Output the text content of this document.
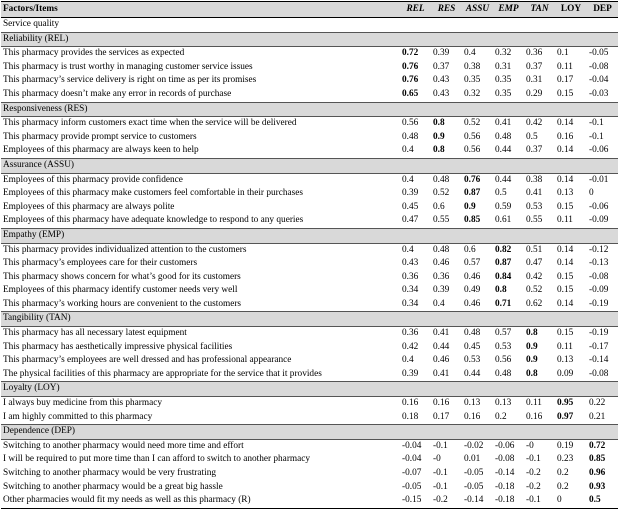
Factors/Items	REL	RES	ASSU	EMP	TAN	LOY	DEP
Service quality							
Reliability (REL)							
This pharmacy provides the services as expected	0.72	0.39	0.4	0.32	0.36	0.1	-0.05
This pharmacy is trust worthy in managing customer service issues	0.76	0.37	0.38	0.31	0.37	0.11	-0.08
This pharmacy’s service delivery is right on time as per its promises	0.76	0.43	0.35	0.35	0.31	0.17	-0.04
This pharmacy doesn’t make any error in records of purchase	0.65	0.43	0.32	0.35	0.29	0.15	-0.03
Responsiveness (RES)							
This pharmacy inform customers exact time when the service will be delivered	0.56	0.8	0.52	0.41	0.42	0.14	-0.1
This pharmacy provide prompt service to customers	0.48	0.9	0.56	0.48	0.5	0.16	-0.1
Employees of this pharmacy are always keen to help	0.4	0.8	0.56	0.44	0.37	0.14	-0.06
Assurance (ASSU)							
Employees of this pharmacy provide confidence	0.4	0.48	0.76	0.44	0.38	0.14	-0.01
Employees of this pharmacy make customers feel comfortable in their purchases	0.39	0.52	0.87	0.5	0.41	0.13	0
Employees of this pharmacy are always polite	0.45	0.6	0.9	0.59	0.53	0.15	-0.06
Employees of this pharmacy have adequate knowledge to respond to any queries	0.47	0.55	0.85	0.61	0.55	0.11	-0.09
Empathy (EMP)							
This pharmacy provides individualized attention to the customers	0.4	0.48	0.6	0.82	0.51	0.14	-0.12
This pharmacy’s employees care for their customers	0.43	0.46	0.57	0.87	0.47	0.14	-0.13
This pharmacy shows concern for what’s good for its customers	0.36	0.36	0.46	0.84	0.42	0.15	-0.08
Employees of this pharmacy identify customer needs very well	0.34	0.39	0.49	0.8	0.52	0.15	-0.09
This pharmacy’s working hours are convenient to the customers	0.34	0.4	0.46	0.71	0.62	0.14	-0.19
Tangibility (TAN)							
This pharmacy has all necessary latest equipment	0.36	0.41	0.48	0.57	0.8	0.15	-0.19
This pharmacy has aesthetically impressive physical facilities	0.42	0.44	0.45	0.53	0.9	0.11	-0.17
This pharmacy’s employees are well dressed and has professional appearance	0.4	0.46	0.53	0.56	0.9	0.13	-0.14
The physical facilities of this pharmacy are appropriate for the service that it provides	0.39	0.41	0.44	0.48	0.8	0.09	-0.08
Loyalty (LOY)							
I always buy medicine from this pharmacy	0.16	0.16	0.13	0.13	0.11	0.95	0.22
I am highly committed to this pharmacy	0.18	0.17	0.16	0.2	0.16	0.97	0.21
Dependence (DEP)							
Switching to another pharmacy would need more time and effort	-0.04	-0.1	-0.02	-0.06	-0	0.19	0.72
I will be required to put more time than I can afford to switch to another pharmacy	-0.04	-0	0.01	-0.08	-0.1	0.23	0.85
Switching to another pharmacy would be very frustrating	-0.07	-0.1	-0.05	-0.14	-0.2	0.2	0.96
Switching to another pharmacy would be a great big hassle	-0.05	-0.1	-0.05	-0.18	-0.2	0.2	0.93
Other pharmacies would fit my needs as well as this pharmacy (R)	-0.15	-0.2	-0.14	-0.18	-0.1	0	0.5
